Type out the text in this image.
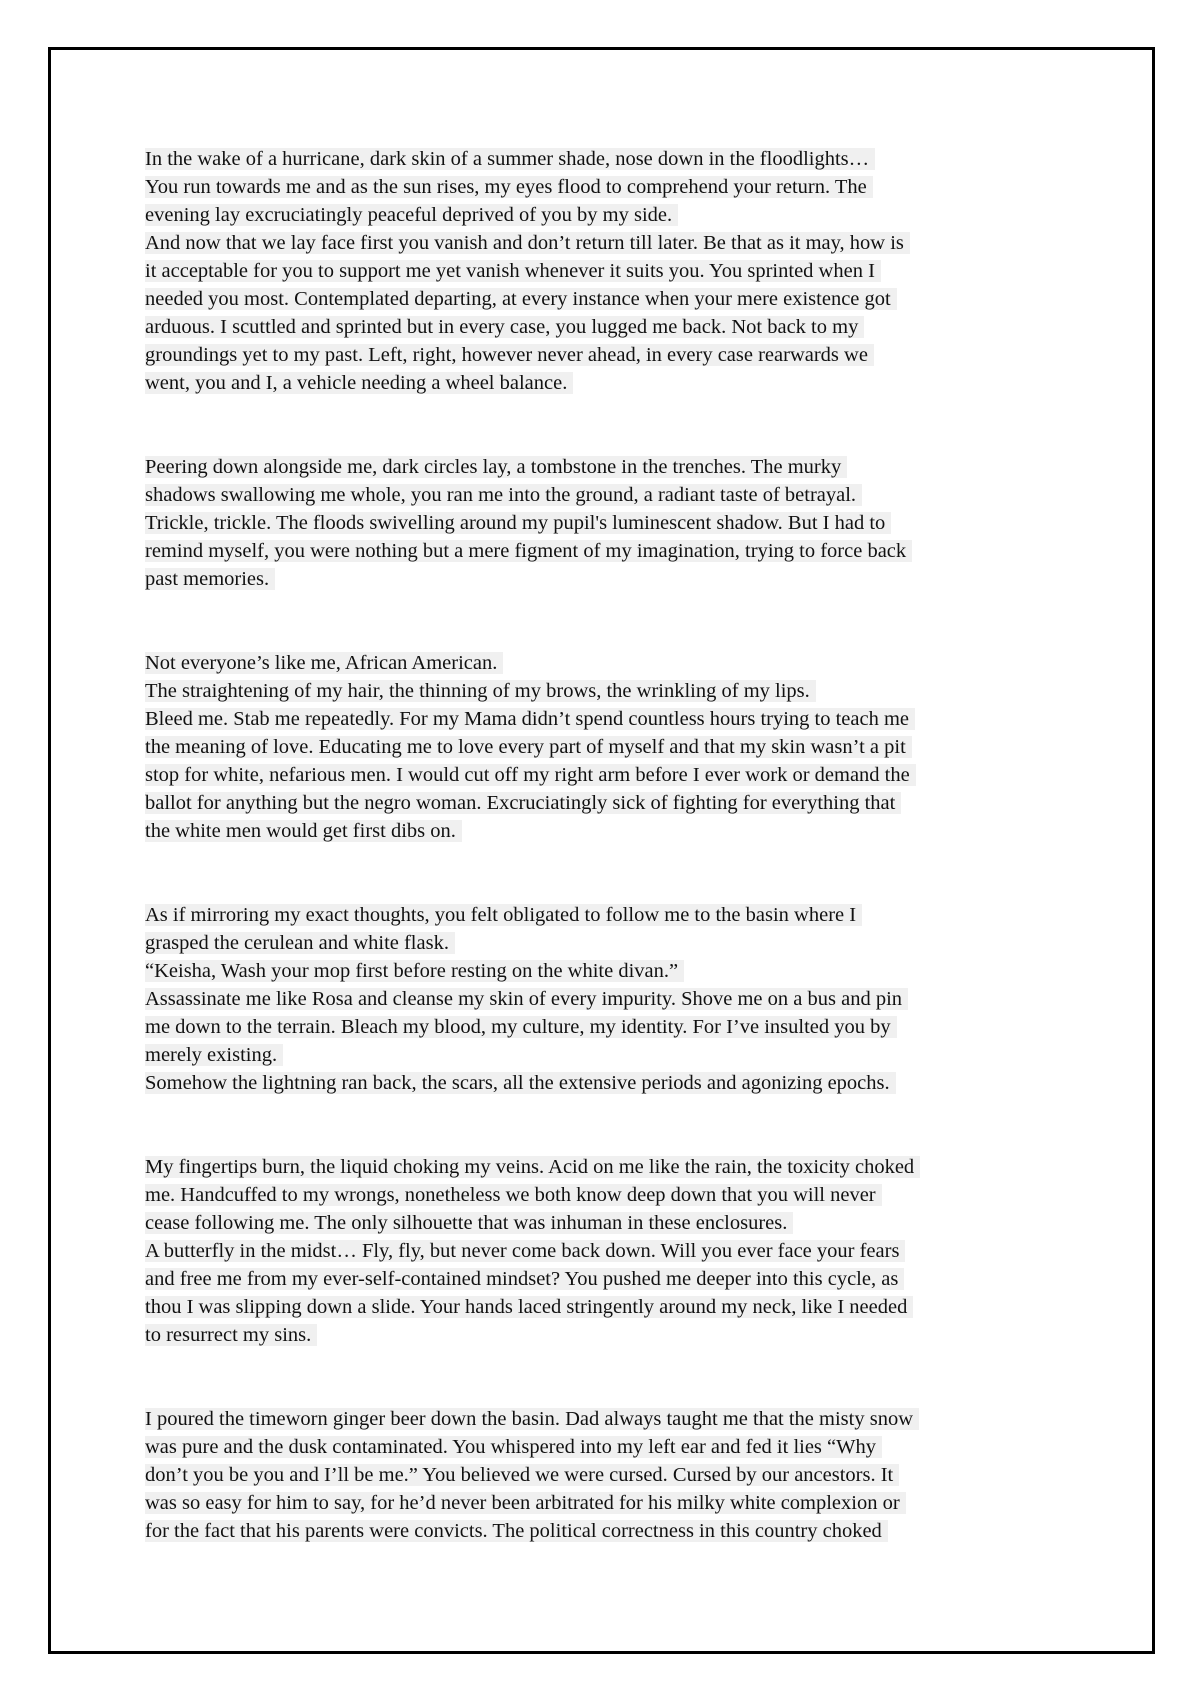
In the wake of a hurricane, dark skin of a summer shade, nose down in the floodlights…
You run towards me and as the sun rises, my eyes flood to comprehend your return. The
evening lay excruciatingly peaceful deprived of you by my side.
And now that we lay face first you vanish and don’t return till later. Be that as it may, how is
it acceptable for you to support me yet vanish whenever it suits you. You sprinted when I
needed you most. Contemplated departing, at every instance when your mere existence got
arduous. I scuttled and sprinted but in every case, you lugged me back. Not back to my
groundings yet to my past. Left, right, however never ahead, in every case rearwards we
went, you and I, a vehicle needing a wheel balance.
Peering down alongside me, dark circles lay, a tombstone in the trenches. The murky
shadows swallowing me whole, you ran me into the ground, a radiant taste of betrayal.
Trickle, trickle. The floods swivelling around my pupil's luminescent shadow. But I had to
remind myself, you were nothing but a mere figment of my imagination, trying to force back
past memories.
Not everyone’s like me, African American.
The straightening of my hair, the thinning of my brows, the wrinkling of my lips.
Bleed me. Stab me repeatedly. For my Mama didn’t spend countless hours trying to teach me
the meaning of love. Educating me to love every part of myself and that my skin wasn’t a pit
stop for white, nefarious men. I would cut off my right arm before I ever work or demand the
ballot for anything but the negro woman. Excruciatingly sick of fighting for everything that
the white men would get first dibs on.
As if mirroring my exact thoughts, you felt obligated to follow me to the basin where I
grasped the cerulean and white flask.
“Keisha, Wash your mop first before resting on the white divan.”
Assassinate me like Rosa and cleanse my skin of every impurity. Shove me on a bus and pin
me down to the terrain. Bleach my blood, my culture, my identity. For I’ve insulted you by
merely existing.
Somehow the lightning ran back, the scars, all the extensive periods and agonizing epochs.
My fingertips burn, the liquid choking my veins. Acid on me like the rain, the toxicity choked
me. Handcuffed to my wrongs, nonetheless we both know deep down that you will never
cease following me. The only silhouette that was inhuman in these enclosures.
A butterfly in the midst… Fly, fly, but never come back down. Will you ever face your fears
and free me from my ever-self-contained mindset? You pushed me deeper into this cycle, as
thou I was slipping down a slide. Your hands laced stringently around my neck, like I needed
to resurrect my sins.
I poured the timeworn ginger beer down the basin. Dad always taught me that the misty snow
was pure and the dusk contaminated. You whispered into my left ear and fed it lies “Why
don’t you be you and I’ll be me.” You believed we were cursed. Cursed by our ancestors. It
was so easy for him to say, for he’d never been arbitrated for his milky white complexion or
for the fact that his parents were convicts. The political correctness in this country choked
